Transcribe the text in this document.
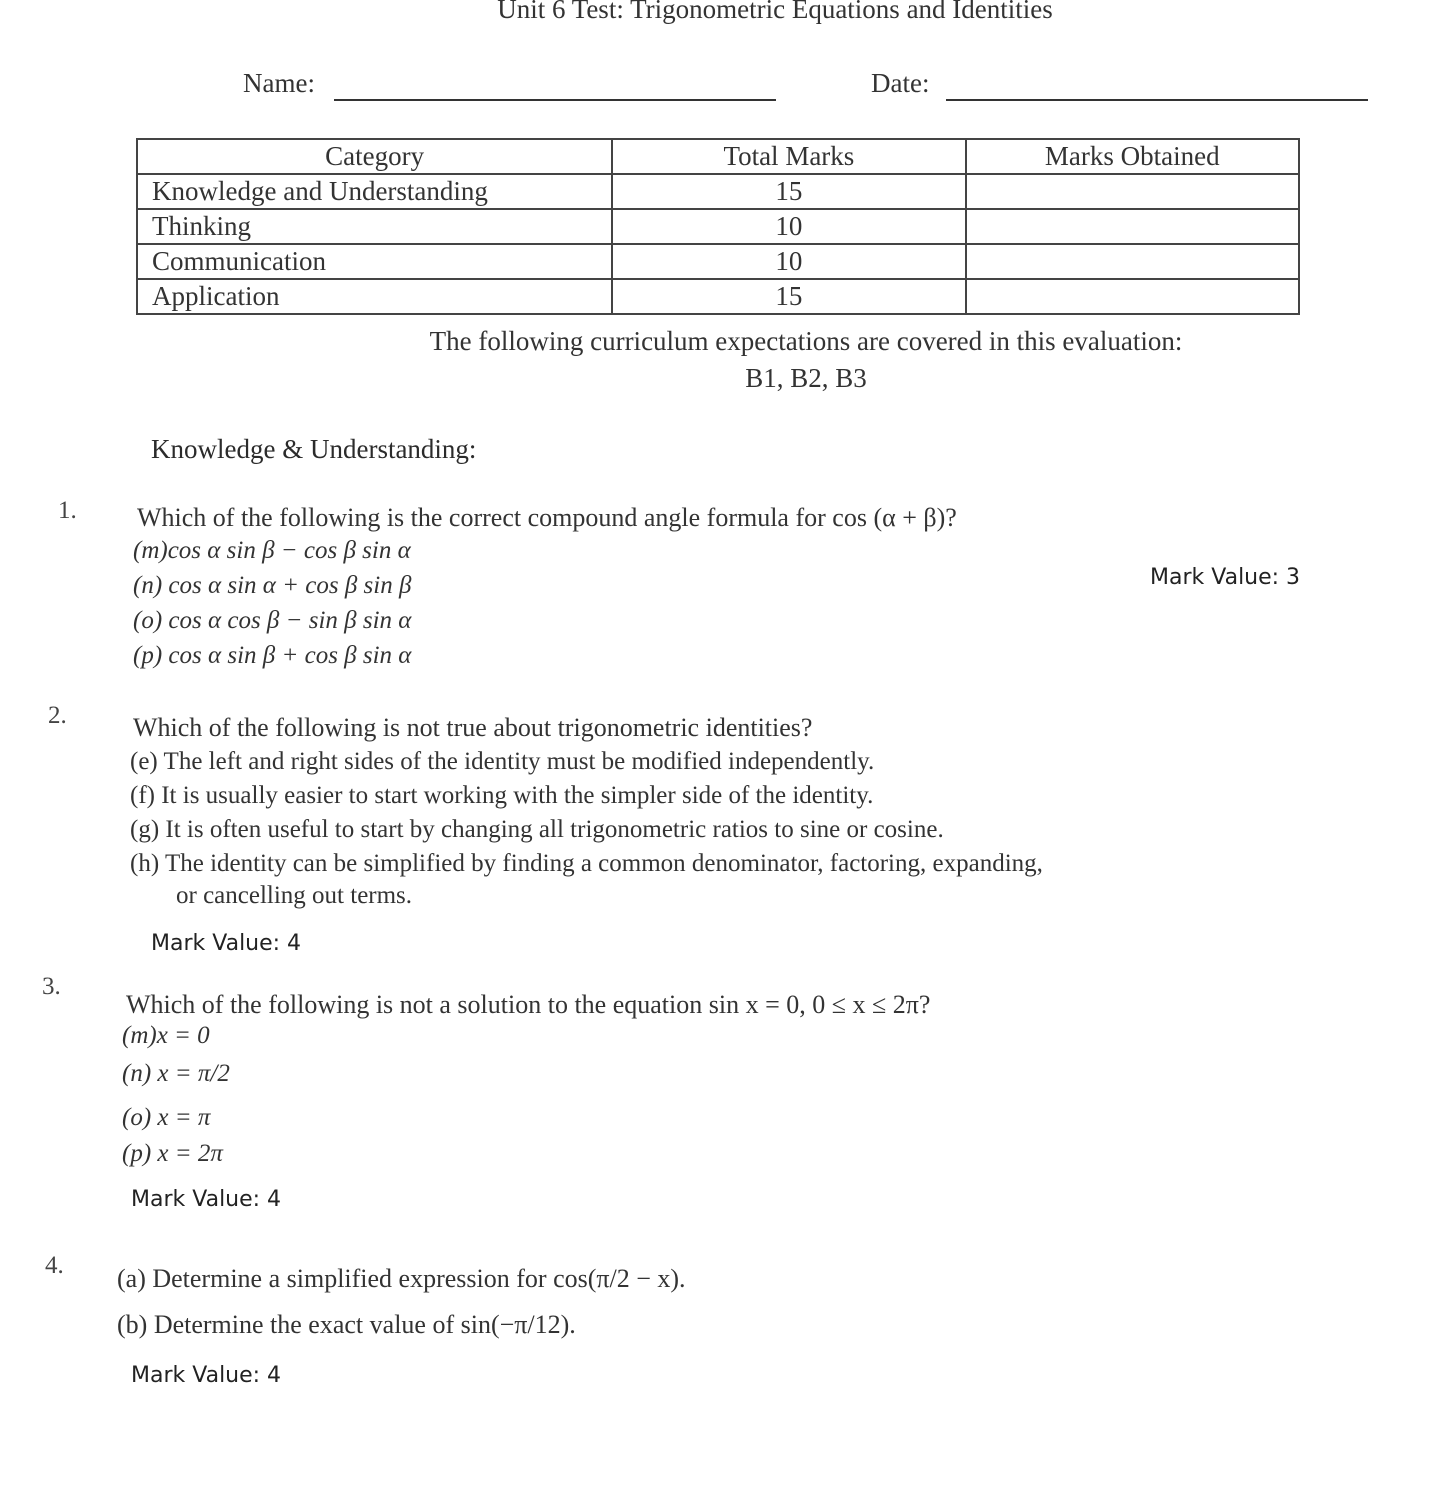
Unit 6 Test: Trigonometric Equations and Identities
Name:	Date:
Category	Total Marks	Marks Obtained
Knowledge and Understanding	15	
Thinking	10	
Communication	10	
Application	15	
The following curriculum expectations are covered in this evaluation:
B1, B2, B3
Knowledge & Understanding:
1. Which of the following is the correct compound angle formula for cos (α + β)?
(m)cos α sin β − cos β sin α
(n) cos α sin α + cos β sin β
(o) cos α cos β − sin β sin α
(p) cos α sin β + cos β sin α
Mark Value: 3
2.	Which of the following is not true about trigonometric identities?
(e) The left and right sides of the identity must be modified independently.
(f) It is usually easier to start working with the simpler side of the identity.
(g) It is often useful to start by changing all trigonometric ratios to sine or cosine.
(h) The identity can be simplified by finding a common denominator, factoring, expanding,
or cancelling out terms.
Mark Value: 4
3.
Which of the following is not a solution to the equation sin x = 0, 0 ≤ x ≤ 2π?
(m)x = 0
(n) x = π/2
(o) x = π
(p) x = 2π
Mark Value: 4
4. (a) Determine a simplified expression for cos(π/2 − x).
(b) Determine the exact value of sin(−π/12).
Mark Value: 4
